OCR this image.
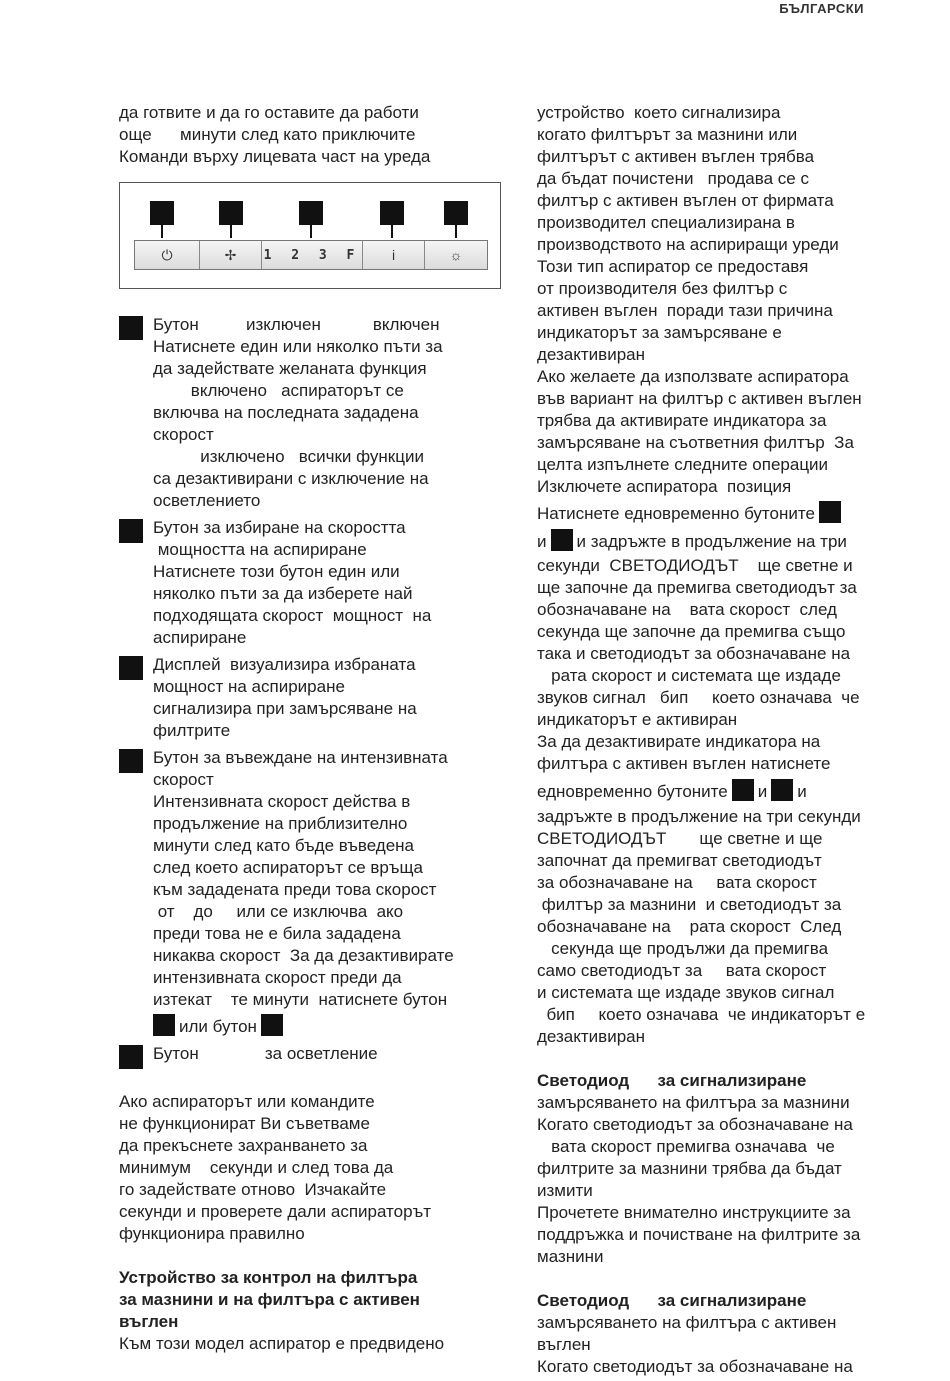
БЪЛГАРСКИ
да готвите и да го оставите да работи
още      минути след като приключите
Команди върху лицевата част на уреда
⏻	✢ 1 2 3 F i	☼
Бутон          изключен           включен
Натиснете един или няколко пъти за
да задействате желаната функция
включено   аспираторът се
включва на последната зададена
скорост
изключено   всички функции
са дезактивирани с изключение на
осветлението
Бутон за избиране на скоростта
мощността на аспириране
Натиснете този бутон един или
няколко пъти за да изберете най
подходящата скорост  мощност  на
аспириране
Дисплей  визуализира избраната
мощност на аспириране
сигнализира при замърсяване на
филтрите
Бутон за въвеждане на интензивната
скорост
Интензивната скорост действа в
продължение на приблизително
минути след като бъде въведена
след което аспираторът се връща
към зададената преди това скорост
от    до     или се изключва  ако
преди това не е била зададена
никаква скорост  За да дезактивирате
интензивната скорост преди да
изтекат    те минути  натиснете бутон
или бутон
Бутон              за осветление
Ако аспираторът или командите
не функционират Ви съветваме
да прекъснете захранването за
минимум    секунди и след това да
го задействате отново  Изчакайте
секунди и проверете дали аспираторът
функционира правилно
Устройство за контрол на филтъра
за мазнини и на филтъра с активен
въглен
Към този модел аспиратор е предвидено
устройство  което сигнализира
когато филтърът за мазнини или
филтърът с активен въглен трябва
да бъдат почистени   продава се с
филтър с активен въглен от фирмата
производител специализирана в
производството на аспириращи уреди
Този тип аспиратор се предоставя
от производителя без филтър с
активен въглен  поради тази причина
индикаторът за замърсяване е
дезактивиран
Ако желаете да използвате аспиратора
във вариант на филтър с активен въглен
трябва да активирате индикатора за
замърсяване на съответния филтър  За
целта изпълнете следните операции
Изключете аспиратора  позиция
Натиснете едновременно бутоните
и и задръжте в продължение на три
секунди  СВЕТОДИОДЪТ    ще светне и
ще започне да премигва светодиодът за
обозначаване на    вата скорост  след
секунда ще започне да премигва също
така и светодиодът за обозначаване на
рата скорост и системата ще издаде
звуков сигнал   бип     което означава  че
индикаторът е активиран
За да дезактивирате индикатора на
филтъра с активен въглен натиснете
едновременно бутоните и и
задръжте в продължение на три секунди
СВЕТОДИОДЪТ       ще светне и ще
започнат да премигват светодиодът
за обозначаване на     вата скорост
филтър за мазнини  и светодиодът за
обозначаване на    рата скорост  След
секунда ще продължи да премигва
само светодиодът за     вата скорост
и системата ще издаде звуков сигнал
бип     което означава  че индикаторът е
дезактивиран
Светодиод      за сигнализиране
замърсяването на филтъра за мазнини
Когато светодиодът за обозначаване на
вата скорост премигва означава  че
филтрите за мазнини трябва да бъдат
измити
Прочетете внимателно инструкциите за
поддръжка и почистване на филтрите за
мазнини
Светодиод      за сигнализиране
замърсяването на филтъра с активен
въглен
Когато светодиодът за обозначаване на
